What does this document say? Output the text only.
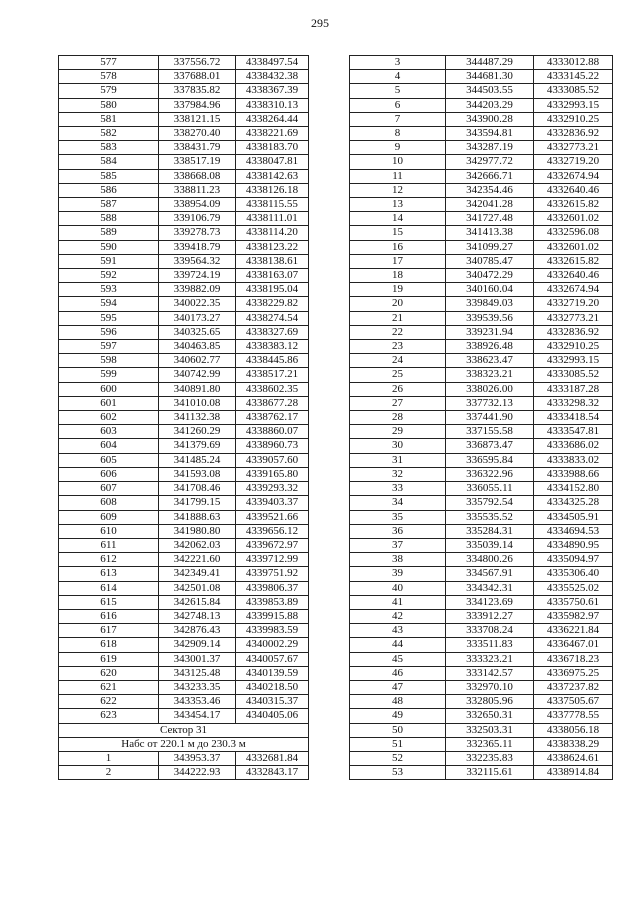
295
577	337556.72	4338497.54
578	337688.01	4338432.38
579	337835.82	4338367.39
580	337984.96	4338310.13
581	338121.15	4338264.44
582	338270.40	4338221.69
583	338431.79	4338183.70
584	338517.19	4338047.81
585	338668.08	4338142.63
586	338811.23	4338126.18
587	338954.09	4338115.55
588	339106.79	4338111.01
589	339278.73	4338114.20
590	339418.79	4338123.22
591	339564.32	4338138.61
592	339724.19	4338163.07
593	339882.09	4338195.04
594	340022.35	4338229.82
595	340173.27	4338274.54
596	340325.65	4338327.69
597	340463.85	4338383.12
598	340602.77	4338445.86
599	340742.99	4338517.21
600	340891.80	4338602.35
601	341010.08	4338677.28
602	341132.38	4338762.17
603	341260.29	4338860.07
604	341379.69	4338960.73
605	341485.24	4339057.60
606	341593.08	4339165.80
607	341708.46	4339293.32
608	341799.15	4339403.37
609	341888.63	4339521.66
610	341980.80	4339656.12
611	342062.03	4339672.97
612	342221.60	4339712.99
613	342349.41	4339751.92
614	342501.08	4339806.37
615	342615.84	4339853.89
616	342748.13	4339915.88
617	342876.43	4339983.59
618	342909.14	4340002.29
619	343001.37	4340057.67
620	343125.48	4340139.59
621	343233.35	4340218.50
622	343353.46	4340315.37
623	343454.17	4340405.06
Сектор 31		
Набс от 220.1 м до 230.3 м		
1	343953.37	4332681.84
2	344222.93	4332843.17
3	344487.29	4333012.88
4	344681.30	4333145.22
5	344503.55	4333085.52
6	344203.29	4332993.15
7	343900.28	4332910.25
8	343594.81	4332836.92
9	343287.19	4332773.21
10	342977.72	4332719.20
11	342666.71	4332674.94
12	342354.46	4332640.46
13	342041.28	4332615.82
14	341727.48	4332601.02
15	341413.38	4332596.08
16	341099.27	4332601.02
17	340785.47	4332615.82
18	340472.29	4332640.46
19	340160.04	4332674.94
20	339849.03	4332719.20
21	339539.56	4332773.21
22	339231.94	4332836.92
23	338926.48	4332910.25
24	338623.47	4332993.15
25	338323.21	4333085.52
26	338026.00	4333187.28
27	337732.13	4333298.32
28	337441.90	4333418.54
29	337155.58	4333547.81
30	336873.47	4333686.02
31	336595.84	4333833.02
32	336322.96	4333988.66
33	336055.11	4334152.80
34	335792.54	4334325.28
35	335535.52	4334505.91
36	335284.31	4334694.53
37	335039.14	4334890.95
38	334800.26	4335094.97
39	334567.91	4335306.40
40	334342.31	4335525.02
41	334123.69	4335750.61
42	333912.27	4335982.97
43	333708.24	4336221.84
44	333511.83	4336467.01
45	333323.21	4336718.23
46	333142.57	4336975.25
47	332970.10	4337237.82
48	332805.96	4337505.67
49	332650.31	4337778.55
50	332503.31	4338056.18
51	332365.11	4338338.29
52	332235.83	4338624.61
53	332115.61	4338914.84
